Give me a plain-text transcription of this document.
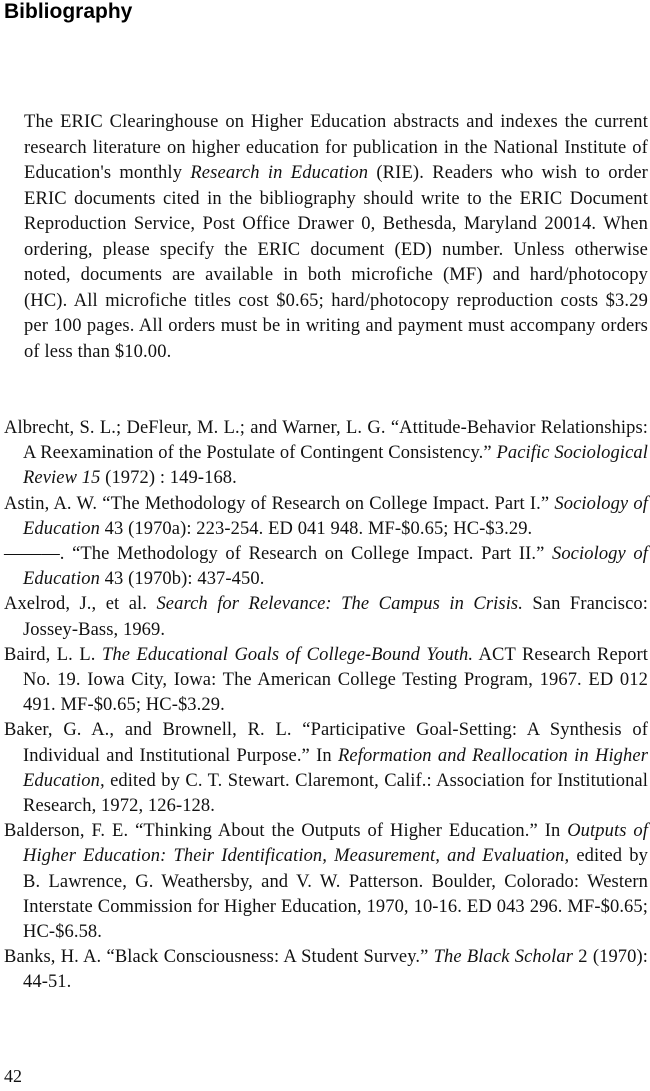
Bibliography

The ERIC Clearinghouse on Higher Education abstracts and indexes the current research literature on higher education for publication in the National Institute of Education's monthly Research in Education (RIE). Readers who wish to order ERIC documents cited in the bibliography should write to the ERIC Document Reproduction Service, Post Office Drawer 0, Bethesda, Maryland 20014. When ordering, please specify the ERIC document (ED) number. Unless otherwise noted, documents are available in both microfiche (MF) and hard/photocopy (HC). All microfiche titles cost $0.65; hard/photocopy reproduction costs $3.29 per 100 pages. All orders must be in writing and payment must accompany orders of less than $10.00.

Albrecht, S. L.; DeFleur, M. L.; and Warner, L. G. “Attitude-Behavior Relationships: A Reexamination of the Postulate of Contingent Consistency.” Pacific Sociological Review 15 (1972) : 149-168.
Astin, A. W. “The Methodology of Research on College Impact. Part I.” Sociology of Education 43 (1970a): 223-254. ED 041 948. MF-$0.65; HC-$3.29.
———. “The Methodology of Research on College Impact. Part II.” Sociology of Education 43 (1970b): 437-450.
Axelrod, J., et al. Search for Relevance: The Campus in Crisis. San Francisco: Jossey-Bass, 1969.
Baird, L. L. The Educational Goals of College-Bound Youth. ACT Research Report No. 19. Iowa City, Iowa: The American College Testing Program, 1967. ED 012 491. MF-$0.65; HC-$3.29.
Baker, G. A., and Brownell, R. L. “Participative Goal-Setting: A Synthesis of Individual and Institutional Purpose.” In Reformation and Reallocation in Higher Education, edited by C. T. Stewart. Claremont, Calif.: Association for Institutional Research, 1972, 126-128.
Balderson, F. E. “Thinking About the Outputs of Higher Education.” In Outputs of Higher Education: Their Identification, Measurement, and Evaluation, edited by B. Lawrence, G. Weathersby, and V. W. Patterson. Boulder, Colorado: Western Interstate Commission for Higher Education, 1970, 10-16. ED 043 296. MF-$0.65; HC-$6.58.
Banks, H. A. “Black Consciousness: A Student Survey.” The Black Scholar 2 (1970): 44-51.
42
